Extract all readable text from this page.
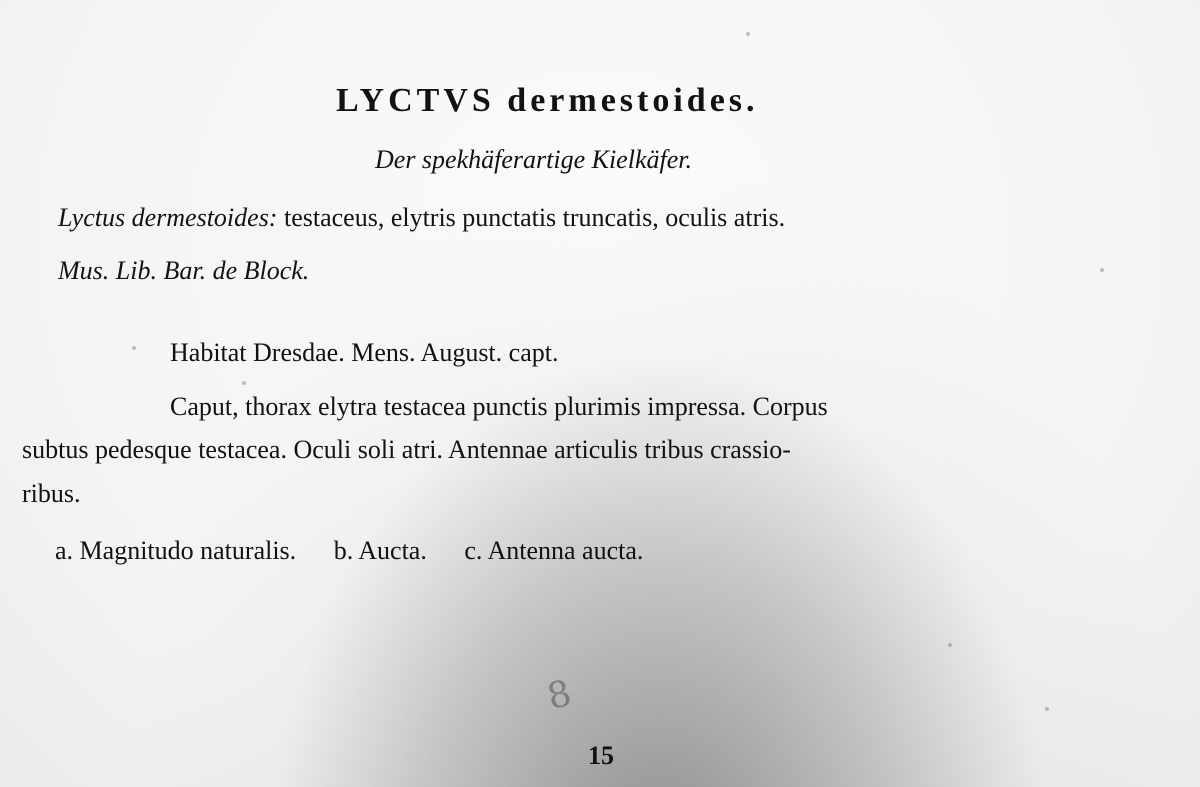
LYCTVS dermestoides.
Der spekhäferartige Kielkäfer.
Lyctus dermestoides: testaceus, elytris punctatis truncatis, oculis atris.
Mus. Lib. Bar. de Block.
Habitat Dresdae. Mens. August. capt.
Caput, thorax elytra testacea punctis plurimis impressa. Corpus
subtus pedesque testacea. Oculi soli atri. Antennae articulis tribus crassio-
ribus.
a. Magnitudo naturalis. b. Aucta. c. Antenna aucta.
8
15
